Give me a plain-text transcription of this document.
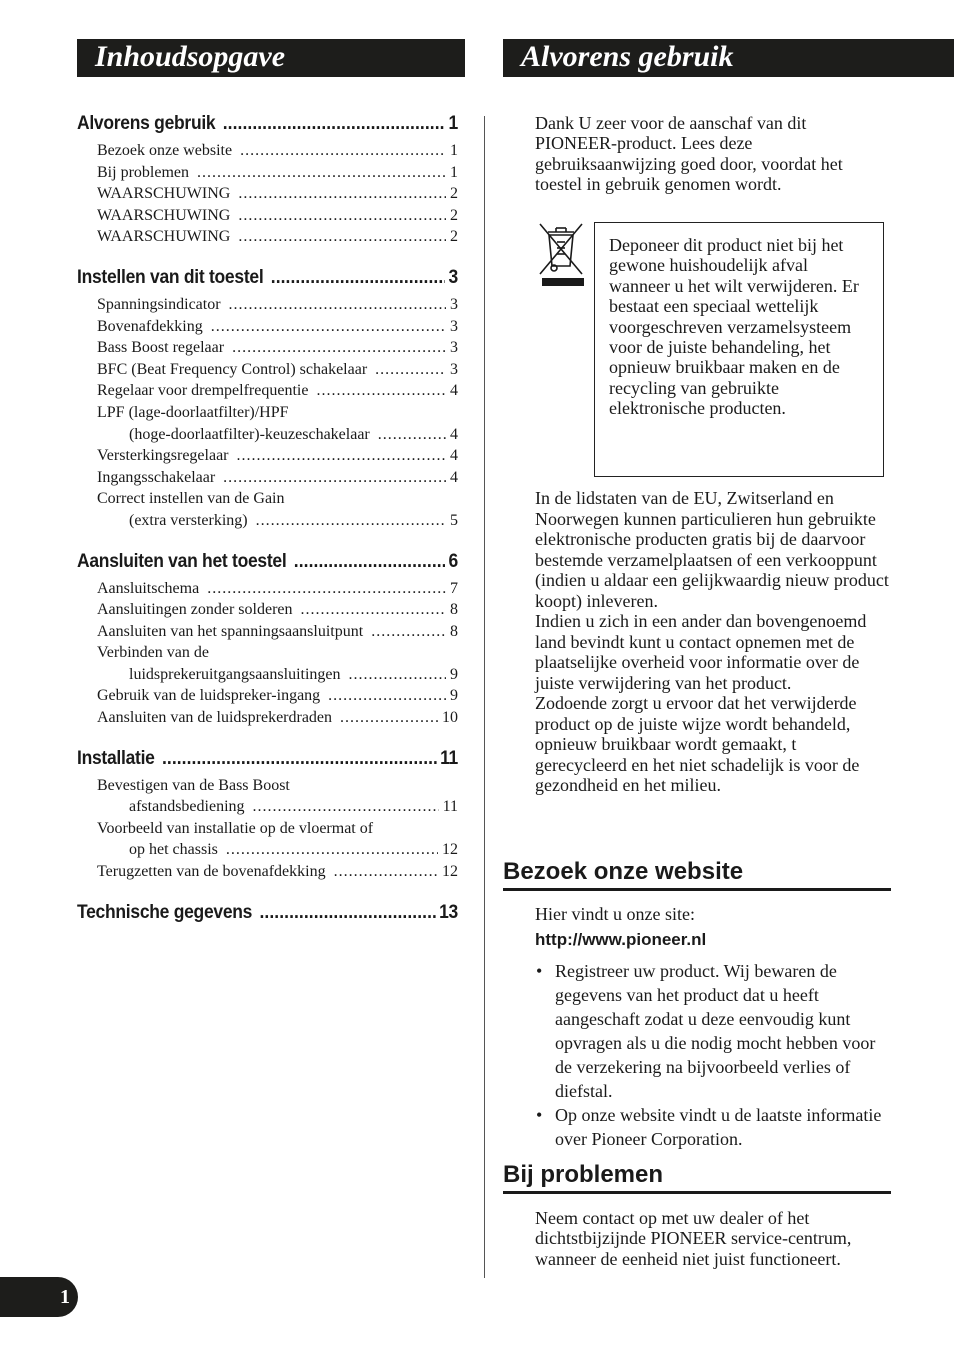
Inhoudsopgave	Alvorens gebruik
Alvorens gebruik . . .	1
Bezoek onze website . . .	1
Bij problemen . . .	1
WAARSCHUWING . . .	2
WAARSCHUWING . . .	2
WAARSCHUWING . . .	2
Instellen van dit toestel . . .	3
Spanningsindicator . . .	3
Bovenafdekking . . .	3
Bass Boost regelaar . . .	3
BFC (Beat Frequency Control) schakelaar . . .	3
Regelaar voor drempelfrequentie . . .	4
LPF (lage-doorlaatfilter)/HPF
(hoge-doorlaatfilter)-keuzeschakelaar . . .	4
Versterkingsregelaar . . .	4
Ingangsschakelaar . . .	4
Correct instellen van de Gain
(extra versterking) . . .	5
Aansluiten van het toestel . . .	6
Aansluitschema . . .	7
Aansluitingen zonder solderen . . .	8
Aansluiten van het spanningsaansluitpunt . . .	8
Verbinden van de
luidsprekeruitgangsaansluitingen . . .	9
Gebruik van de luidspreker-ingang . . .	9
Aansluiten van de luidsprekerdraden . . .	10
Installatie . . .	11
Bevestigen van de Bass Boost
afstandsbediening . . .	11
Voorbeeld van installatie op de vloermat of
op het chassis . . .	12
Terugzetten van de bovenafdekking . . .	12
Technische gegevens . . .	13
Dank U zeer voor de aanschaf van dit PIONEER-product. Lees deze gebruiksaanwijzing goed door, voordat het toestel in gebruik genomen wordt.
Deponeer dit product niet bij het gewone huishoudelijk afval wanneer u het wilt verwijderen. Er bestaat een speciaal wettelijk voorgeschreven verzamelsysteem voor de juiste behandeling, het opnieuw bruikbaar maken en de recycling van gebruikte elektronische producten.
In de lidstaten van de EU, Zwitserland en Noorwegen kunnen particulieren hun gebruikte elektronische producten gratis bij de daarvoor bestemde verzamelplaatsen of een verkooppunt (indien u aldaar een gelijkwaardig nieuw product koopt) inleveren.
Indien u zich in een ander dan bovengenoemd land bevindt kunt u contact opnemen met de plaatselijke overheid voor informatie over de juiste verwijdering van het product.
Zodoende zorgt u ervoor dat het verwijderde product op de juiste wijze wordt behandeld, opnieuw bruikbaar wordt gemaakt, t gerecycleerd en het niet schadelijk is voor de gezondheid en het milieu.
Bezoek onze website
Hier vindt u onze site:
http://www.pioneer.nl
• Registreer uw product. Wij bewaren de gegevens van het product dat u heeft aangeschaft zodat u deze eenvoudig kunt opvragen als u die nodig mocht hebben voor de verzekering na bijvoorbeeld verlies of diefstal.
• Op onze website vindt u de laatste informatie over Pioneer Corporation.
Bij problemen
Neem contact op met uw dealer of het dichtstbijzijnde PIONEER service-centrum, wanneer de eenheid niet juist functioneert.
1
